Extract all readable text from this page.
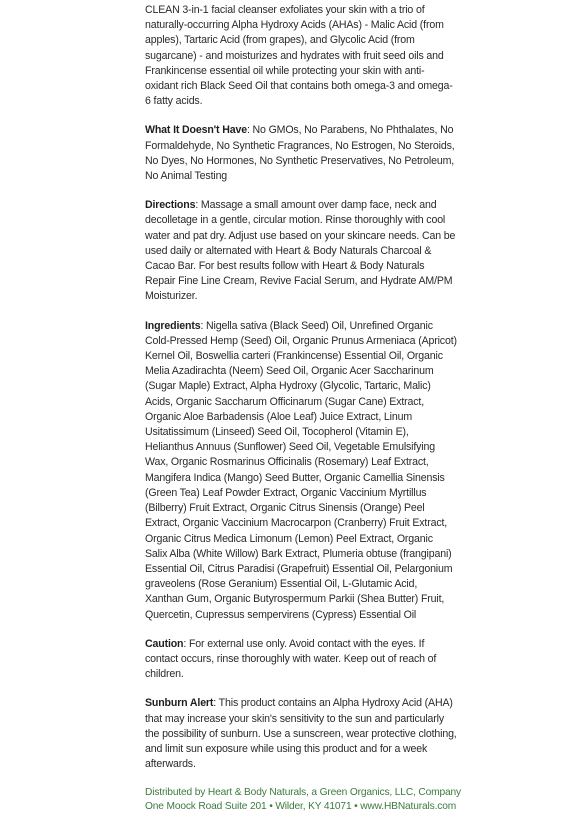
CLEAN 3-in-1 facial cleanser exfoliates your skin with a trio of naturally-occurring Alpha Hydroxy Acids (AHAs) - Malic Acid (from apples), Tartaric Acid (from grapes), and Glycolic Acid (from sugarcane) - and moisturizes and hydrates with fruit seed oils and Frankincense essential oil while protecting your skin with anti-oxidant rich Black Seed Oil that contains both omega-3 and omega-6 fatty acids.

What It Doesn't Have: No GMOs, No Parabens, No Phthalates, No Formaldehyde, No Synthetic Fragrances, No Estrogen, No Steroids, No Dyes, No Hormones, No Synthetic Preservatives, No Petroleum, No Animal Testing

Directions: Massage a small amount over damp face, neck and decolletage in a gentle, circular motion. Rinse thoroughly with cool water and pat dry. Adjust use based on your skincare needs. Can be used daily or alternated with Heart & Body Naturals Charcoal & Cacao Bar. For best results follow with Heart & Body Naturals Repair Fine Line Cream, Revive Facial Serum, and Hydrate AM/PM Moisturizer.

Ingredients: Nigella sativa (Black Seed) Oil, Unrefined Organic Cold-Pressed Hemp (Seed) Oil, Organic Prunus Armeniaca (Apricot) Kernel Oil, Boswellia carteri (Frankincense) Essential Oil, Organic Melia Azadirachta (Neem) Seed Oil, Organic Acer Saccharinum (Sugar Maple) Extract, Alpha Hydroxy (Glycolic, Tartaric, Malic) Acids, Organic Saccharum Officinarum (Sugar Cane) Extract, Organic Aloe Barbadensis (Aloe Leaf) Juice Extract, Linum Usitatissimum (Linseed) Seed Oil, Tocopherol (Vitamin E), Helianthus Annuus (Sunflower) Seed Oil, Vegetable Emulsifying Wax, Organic Rosmarinus Officinalis (Rosemary) Leaf Extract, Mangifera Indica (Mango) Seed Butter, Organic Camellia Sinensis (Green Tea) Leaf Powder Extract, Organic Vaccinium Myrtillus (Bilberry) Fruit Extract, Organic Citrus Sinensis (Orange) Peel Extract, Organic Vaccinium Macrocarpon (Cranberry) Fruit Extract, Organic Citrus Medica Limonum (Lemon) Peel Extract, Organic Salix Alba (White Willow) Bark Extract, Plumeria obtuse (frangipani) Essential Oil, Citrus Paradisi (Grapefruit) Essential Oil, Pelargonium graveolens (Rose Geranium) Essential Oil, L-Glutamic Acid, Xanthan Gum, Organic Butyrospermum Parkii (Shea Butter) Fruit, Quercetin, Cupressus sempervirens (Cypress) Essential Oil

Caution: For external use only. Avoid contact with the eyes. If contact occurs, rinse thoroughly with water. Keep out of reach of children.

Sunburn Alert: This product contains an Alpha Hydroxy Acid (AHA) that may increase your skin's sensitivity to the sun and particularly the possibility of sunburn. Use a sunscreen, wear protective clothing, and limit sun exposure while using this product and for a week afterwards.

Distributed by Heart & Body Naturals, a Green Organics, LLC, Company
One Moock Road Suite 201 • Wilder, KY 41071 • www.HBNaturals.com
